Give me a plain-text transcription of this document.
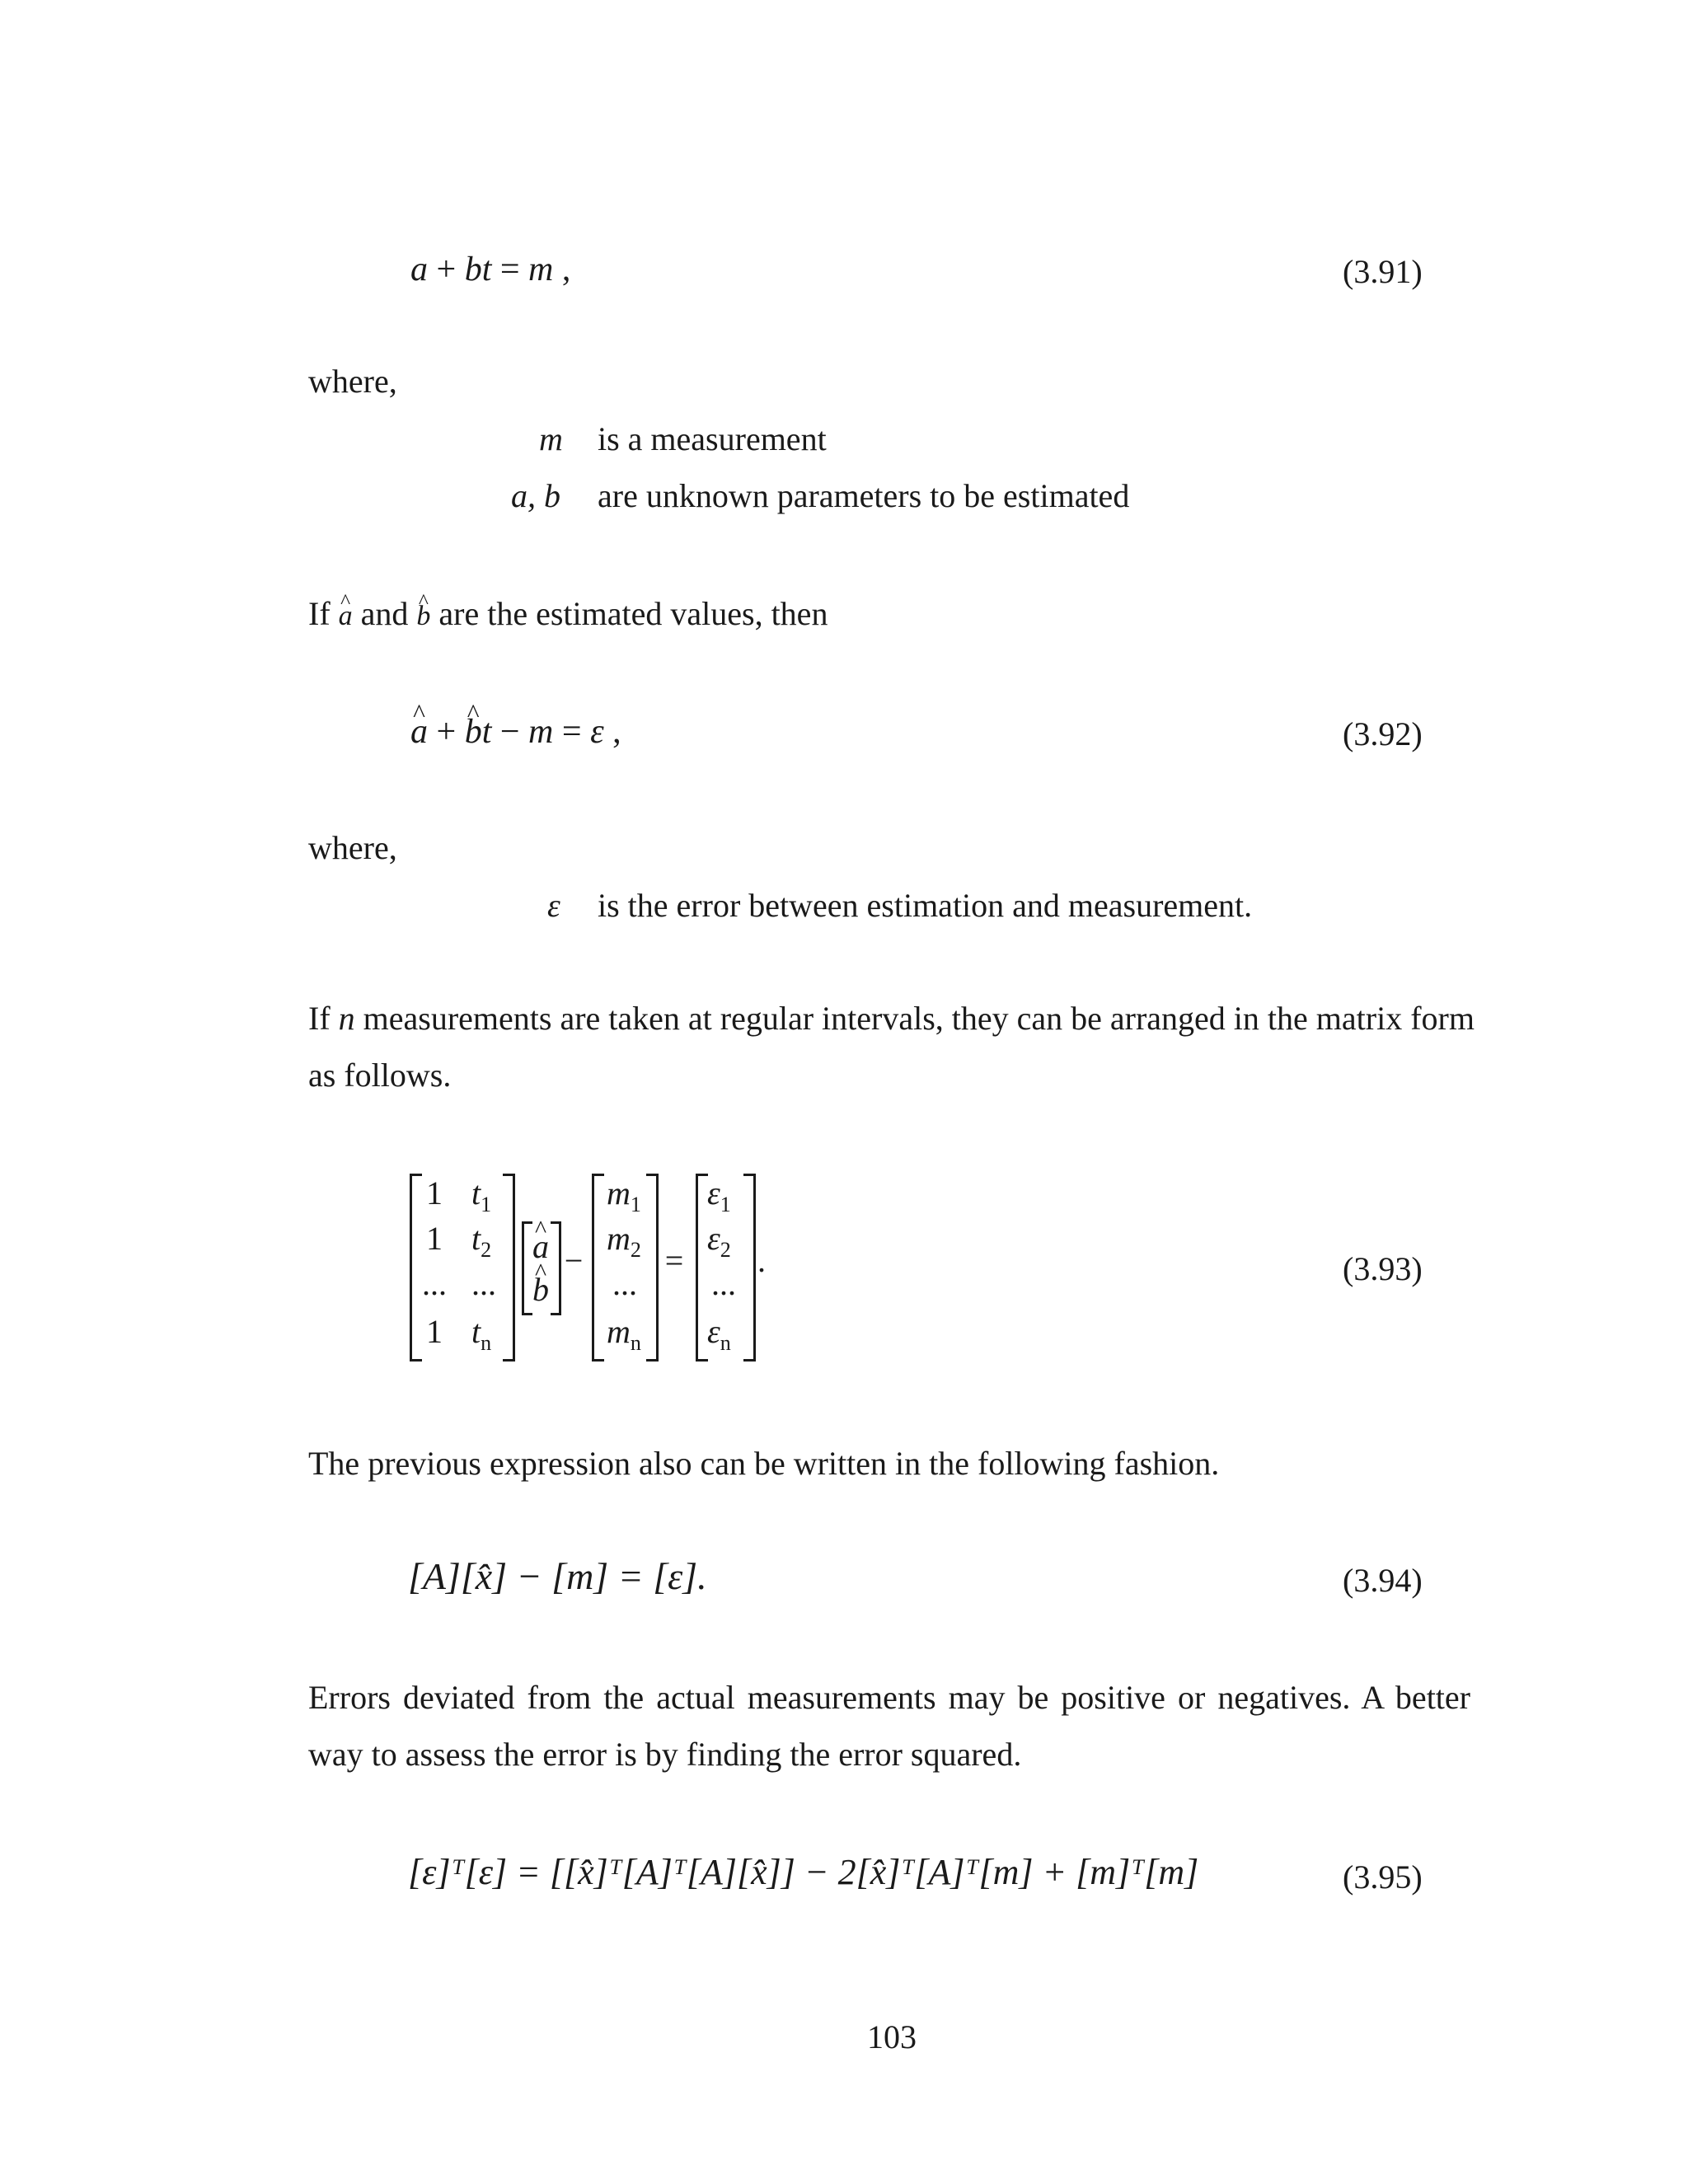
a + bt = m ,	(3.91)
where,
m is a measurement
a, b are unknown parameters to be estimated
If ^ a and ^ b are the estimated values, then
^ a + ^ bt − m = ε ,	(3.92)
where,
ε is the error between estimation and measurement.
If n measurements are taken at regular intervals, they can be arranged in the matrix form
as follows.
1 $t_1$
1 $t_2$
... ...
1 $t_n$
^ a
^ b
−
$m_1$
$m_2$
...
$m_n$
=
$\varepsilon_1$
$\varepsilon_2$
...
$\varepsilon_n$
.	(3.93)
The previous expression also can be written in the following fashion.
[A][x̂] − [m] = [ε].	(3.94)
Errors deviated from the actual measurements may be positive or negatives. A better
way to assess the error is by finding the error squared.
[ε]ᵀ[ε] = [[x̂]ᵀ[A]ᵀ[A][x̂]] − 2[x̂]ᵀ[A]ᵀ[m] + [m]ᵀ[m]	(3.95)
103
